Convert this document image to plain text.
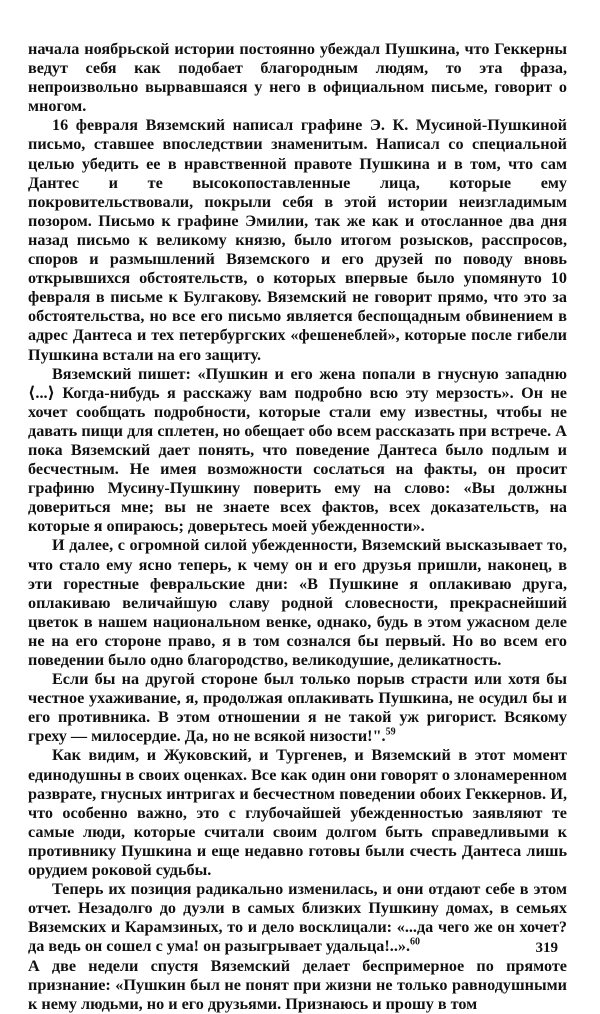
начала ноябрьской истории постоянно убеждал Пушкина, что Геккерны ведут себя как подобает благородным людям, то эта фраза, непроизвольно вырвавшаяся у него в официальном письме, говорит о многом.

16 февраля Вяземский написал графине Э. К. Мусиной-Пушкиной письмо, ставшее впоследствии знаменитым. Написал со специальной целью убедить ее в нравственной правоте Пушкина и в том, что сам Дантес и те высокопоставленные лица, которые ему покровительствовали, покрыли себя в этой истории неизгладимым позором. Письмо к графине Эмилии, так же как и отосланное два дня назад письмо к великому князю, было итогом розысков, расспросов, споров и размышлений Вяземского и его друзей по поводу вновь открывшихся обстоятельств, о которых впервые было упомянуто 10 февраля в письме к Булгакову. Вяземский не говорит прямо, что это за обстоятельства, но все его письмо является беспощадным обвинением в адрес Дантеса и тех петербургских «фешенеблей», которые после гибели Пушкина встали на его защиту.

Вяземский пишет: «Пушкин и его жена попали в гнусную западню ⟨...⟩ Когда-нибудь я расскажу вам подробно всю эту мерзость». Он не хочет сообщать подробности, которые стали ему известны, чтобы не давать пищи для сплетен, но обещает обо всем рассказать при встрече. А пока Вяземский дает понять, что поведение Дантеса было подлым и бесчестным. Не имея возможности сослаться на факты, он просит графиню Мусину-Пушкину поверить ему на слово: «Вы должны довериться мне; вы не знаете всех фактов, всех доказательств, на которые я опираюсь; доверьтесь моей убежденности».

И далее, с огромной силой убежденности, Вяземский высказывает то, что стало ему ясно теперь, к чему он и его друзья пришли, наконец, в эти горестные февральские дни: «В Пушкине я оплакиваю друга, оплакиваю величайшую славу родной словесности, прекраснейший цветок в нашем национальном венке, однако, будь в этом ужасном деле не на его стороне право, я в том сознался бы первый. Но во всем его поведении было одно благородство, великодушие, деликатность.

Если бы на другой стороне был только порыв страсти или хотя бы честное ухаживание, я, продолжая оплакивать Пушкина, не осудил бы и его противника. В этом отношении я не такой уж ригорист. Всякому греху — милосердие. Да, но не всякой низости!".$^{59}$

Как видим, и Жуковский, и Тургенев, и Вяземский в этот момент единодушны в своих оценках. Все как один они говорят о злонамеренном разврате, гнусных интригах и бесчестном поведении обоих Геккернов. И, что особенно важно, это с глубочайшей убежденностью заявляют те самые люди, которые считали своим долгом быть справедливыми к противнику Пушкина и еще недавно готовы были счесть Дантеса лишь орудием роковой судьбы.

Теперь их позиция радикально изменилась, и они отдают себе в этом отчет. Незадолго до дуэли в самых близких Пушкину домах, в семьях Вяземских и Карамзиных, то и дело восклицали: «...да чего же он хочет? да ведь он сошел с ума! он разыгрывает удальца!..».$^{60}$

А две недели спустя Вяземский делает беспримерное по прямоте признание: «Пушкин был не понят при жизни не только равнодушными к нему людьми, но и его друзьями. Признаюсь и прошу в том

319
